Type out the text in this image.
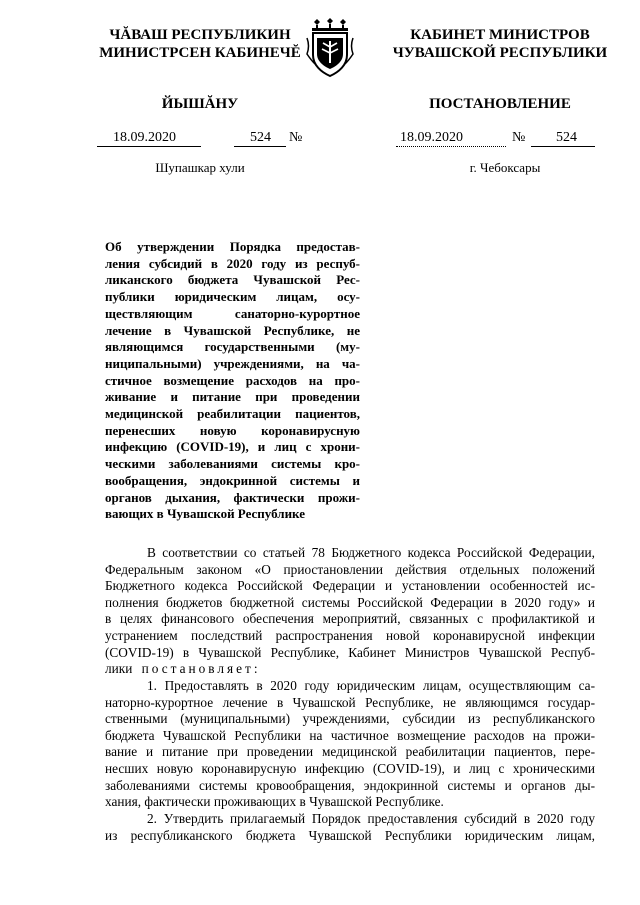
ЧĂВАШ РЕСПУБЛИКИН
МИНИСТРСЕН КАБИНЕЧĔ
ЙЫШĂНУ
КАБИНЕТ МИНИСТРОВ
ЧУВАШСКОЙ РЕСПУБЛИКИ
ПОСТАНОВЛЕНИЕ
18.09.2020	524 №	18.09.2020	№ 524
Шупашкар хули	г. Чебоксары
Об утверждении Порядка предостав-
ления субсидий в 2020 году из респуб-
ликанского бюджета Чувашской Рес-
публики юридическим лицам, осу-
ществляющим санаторно-курортное
лечение в Чувашской Республике, не
являющимся государственными (му-
ниципальными) учреждениями, на ча-
стичное возмещение расходов на про-
живание и питание при проведении
медицинской реабилитации пациентов,
перенесших новую коронавирусную
инфекцию (COVID-19), и лиц с хрони-
ческими заболеваниями системы кро-
вообращения, эндокринной системы и
органов дыхания, фактически прожи-
вающих в Чувашской Республике
В соответствии со статьей 78 Бюджетного кодекса Российской Федерации,
Федеральным законом «О приостановлении действия отдельных положений
Бюджетного кодекса Российской Федерации и установлении особенностей ис-
полнения бюджетов бюджетной системы Российской Федерации в 2020 году» и
в целях финансового обеспечения мероприятий, связанных с профилактикой и
устранением последствий распространения новой коронавирусной инфекции
(COVID-19) в Чувашской Республике, Кабинет Министров Чувашской Респуб-
лики постановляет:
1. Предоставлять в 2020 году юридическим лицам, осуществляющим са-
наторно-курортное лечение в Чувашской Республике, не являющимся государ-
ственными (муниципальными) учреждениями, субсидии из республиканского
бюджета Чувашской Республики на частичное возмещение расходов на прожи-
вание и питание при проведении медицинской реабилитации пациентов, пере-
несших новую коронавирусную инфекцию (COVID-19), и лиц с хроническими
заболеваниями системы кровообращения, эндокринной системы и органов ды-
хания, фактически проживающих в Чувашской Республике.
2. Утвердить прилагаемый Порядок предоставления субсидий в 2020 году
из республиканского бюджета Чувашской Республики юридическим лицам,
